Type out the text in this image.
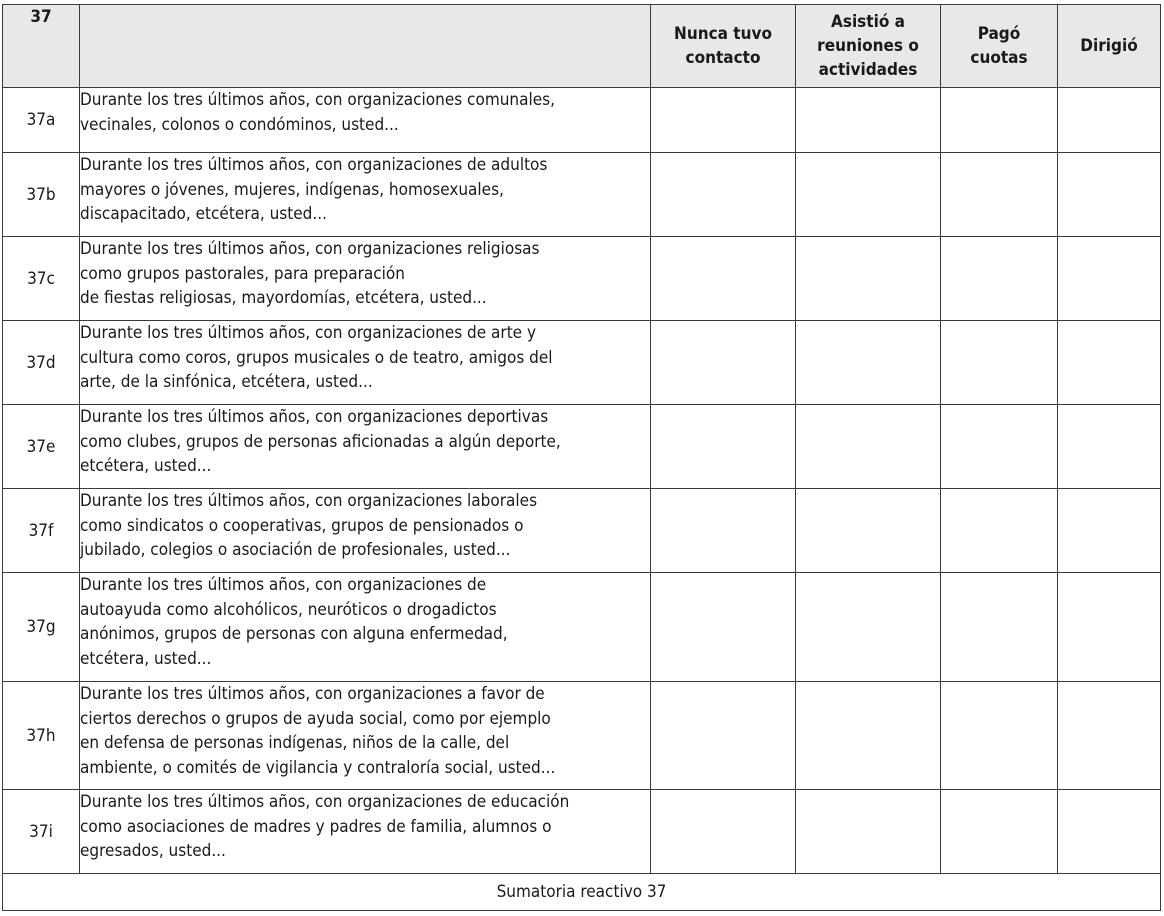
37		Nunca tuvo
contacto	Asistió a
reuniones o
actividades	Pagó
cuotas	Dirigió
37a	Durante los tres últimos años, con organizaciones comunales,
vecinales, colonos o condóminos, usted...				
37b	Durante los tres últimos años, con organizaciones de adultos
mayores o jóvenes, mujeres, indígenas, homosexuales,
discapacitado, etcétera, usted...				
37c	Durante los tres últimos años, con organizaciones religiosas
como grupos pastorales, para preparación
de fiestas religiosas, mayordomías, etcétera, usted...				
37d	Durante los tres últimos años, con organizaciones de arte y
cultura como coros, grupos musicales o de teatro, amigos del
arte, de la sinfónica, etcétera, usted...				
37e	Durante los tres últimos años, con organizaciones deportivas
como clubes, grupos de personas aficionadas a algún deporte,
etcétera, usted...				
37f	Durante los tres últimos años, con organizaciones laborales
como sindicatos o cooperativas, grupos de pensionados o
jubilado, colegios o asociación de profesionales, usted...				
37g	Durante los tres últimos años, con organizaciones de
autoayuda como alcohólicos, neuróticos o drogadictos
anónimos, grupos de personas con alguna enfermedad,
etcétera, usted...				
37h	Durante los tres últimos años, con organizaciones a favor de
ciertos derechos o grupos de ayuda social, como por ejemplo
en defensa de personas indígenas, niños de la calle, del
ambiente, o comités de vigilancia y contraloría social, usted...				
37i	Durante los tres últimos años, con organizaciones de educación
como asociaciones de madres y padres de familia, alumnos o
egresados, usted...				
Sumatoria reactivo 37					
